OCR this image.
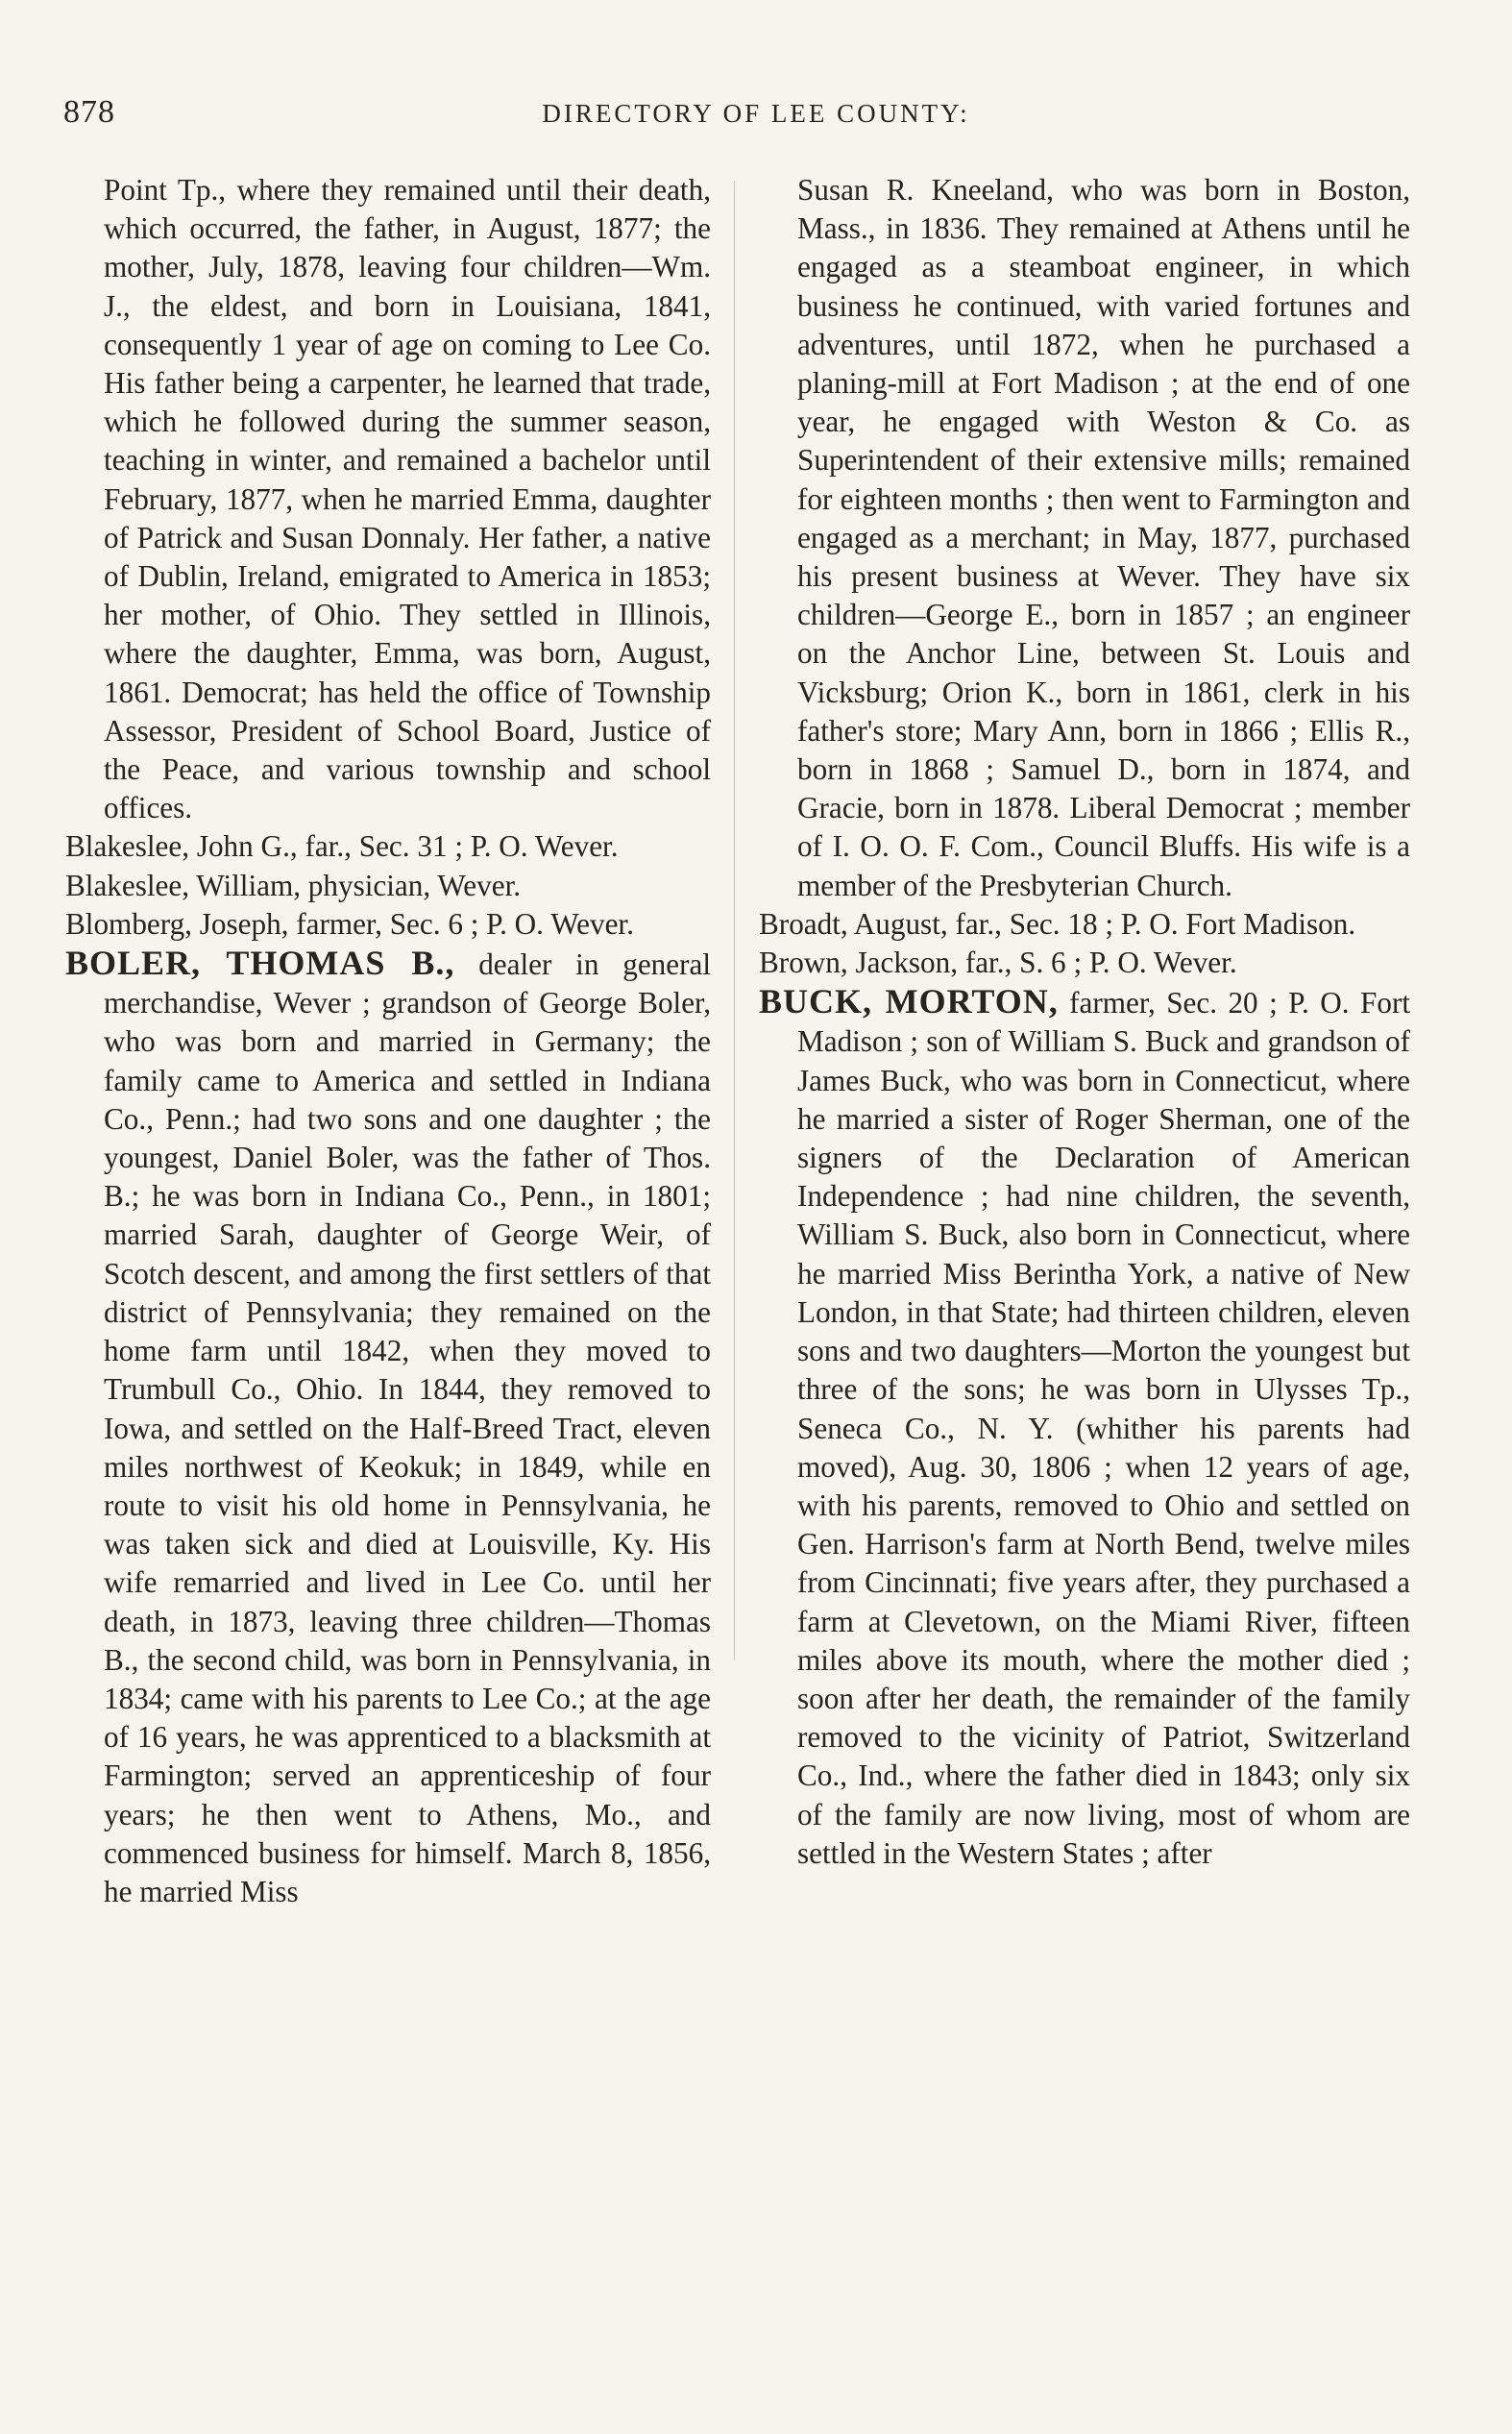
878	DIRECTORY OF LEE COUNTY:

Point Tp., where they remained until their death, which occurred, the father, in August, 1877; the mother, July, 1878, leaving four children—Wm. J., the eldest, and born in Louisiana, 1841, consequently 1 year of age on coming to Lee Co. His father being a carpenter, he learned that trade, which he followed during the summer season, teaching in winter, and remained a bachelor until February, 1877, when he married Emma, daughter of Patrick and Susan Donnaly. Her father, a native of Dublin, Ireland, emigrated to America in 1853; her mother, of Ohio. They settled in Illinois, where the daughter, Emma, was born, August, 1861. Democrat; has held the office of Township Assessor, President of School Board, Justice of the Peace, and various township and school offices.

Blakeslee, John G., far., Sec. 31 ; P. O. Wever.

Blakeslee, William, physician, Wever.

Blomberg, Joseph, farmer, Sec. 6 ; P. O. Wever.

BOLER, THOMAS B., dealer in general merchandise, Wever ; grandson of George Boler, who was born and married in Germany; the family came to America and settled in Indiana Co., Penn.; had two sons and one daughter ; the youngest, Daniel Boler, was the father of Thos. B.; he was born in Indiana Co., Penn., in 1801; married Sarah, daughter of George Weir, of Scotch descent, and among the first settlers of that district of Pennsylvania; they remained on the home farm until 1842, when they moved to Trumbull Co., Ohio. In 1844, they removed to Iowa, and settled on the Half-Breed Tract, eleven miles northwest of Keokuk; in 1849, while en route to visit his old home in Pennsylvania, he was taken sick and died at Louisville, Ky. His wife remarried and lived in Lee Co. until her death, in 1873, leaving three children—Thomas B., the second child, was born in Pennsylvania, in 1834; came with his parents to Lee Co.; at the age of 16 years, he was apprenticed to a blacksmith at Farmington; served an apprenticeship of four years; he then went to Athens, Mo., and commenced business for himself. March 8, 1856, he married Miss

Susan R. Kneeland, who was born in Boston, Mass., in 1836. They remained at Athens until he engaged as a steamboat engineer, in which business he continued, with varied fortunes and adventures, until 1872, when he purchased a planing-mill at Fort Madison ; at the end of one year, he engaged with Weston & Co. as Superintendent of their extensive mills; remained for eighteen months ; then went to Farmington and engaged as a merchant; in May, 1877, purchased his present business at Wever. They have six children—George E., born in 1857 ; an engineer on the Anchor Line, between St. Louis and Vicksburg; Orion K., born in 1861, clerk in his father's store; Mary Ann, born in 1866 ; Ellis R., born in 1868 ; Samuel D., born in 1874, and Gracie, born in 1878. Liberal Democrat ; member of I. O. O. F. Com., Council Bluffs. His wife is a member of the Presbyterian Church.

Broadt, August, far., Sec. 18 ; P. O. Fort Madison.

Brown, Jackson, far., S. 6 ; P. O. Wever.

BUCK, MORTON, farmer, Sec. 20 ; P. O. Fort Madison ; son of William S. Buck and grandson of James Buck, who was born in Connecticut, where he married a sister of Roger Sherman, one of the signers of the Declaration of American Independence ; had nine children, the seventh, William S. Buck, also born in Connecticut, where he married Miss Berintha York, a native of New London, in that State; had thirteen children, eleven sons and two daughters—Morton the youngest but three of the sons; he was born in Ulysses Tp., Seneca Co., N. Y. (whither his parents had moved), Aug. 30, 1806 ; when 12 years of age, with his parents, removed to Ohio and settled on Gen. Harrison's farm at North Bend, twelve miles from Cincinnati; five years after, they purchased a farm at Clevetown, on the Miami River, fifteen miles above its mouth, where the mother died ; soon after her death, the remainder of the family removed to the vicinity of Patriot, Switzerland Co., Ind., where the father died in 1843; only six of the family are now living, most of whom are settled in the Western States ; after
